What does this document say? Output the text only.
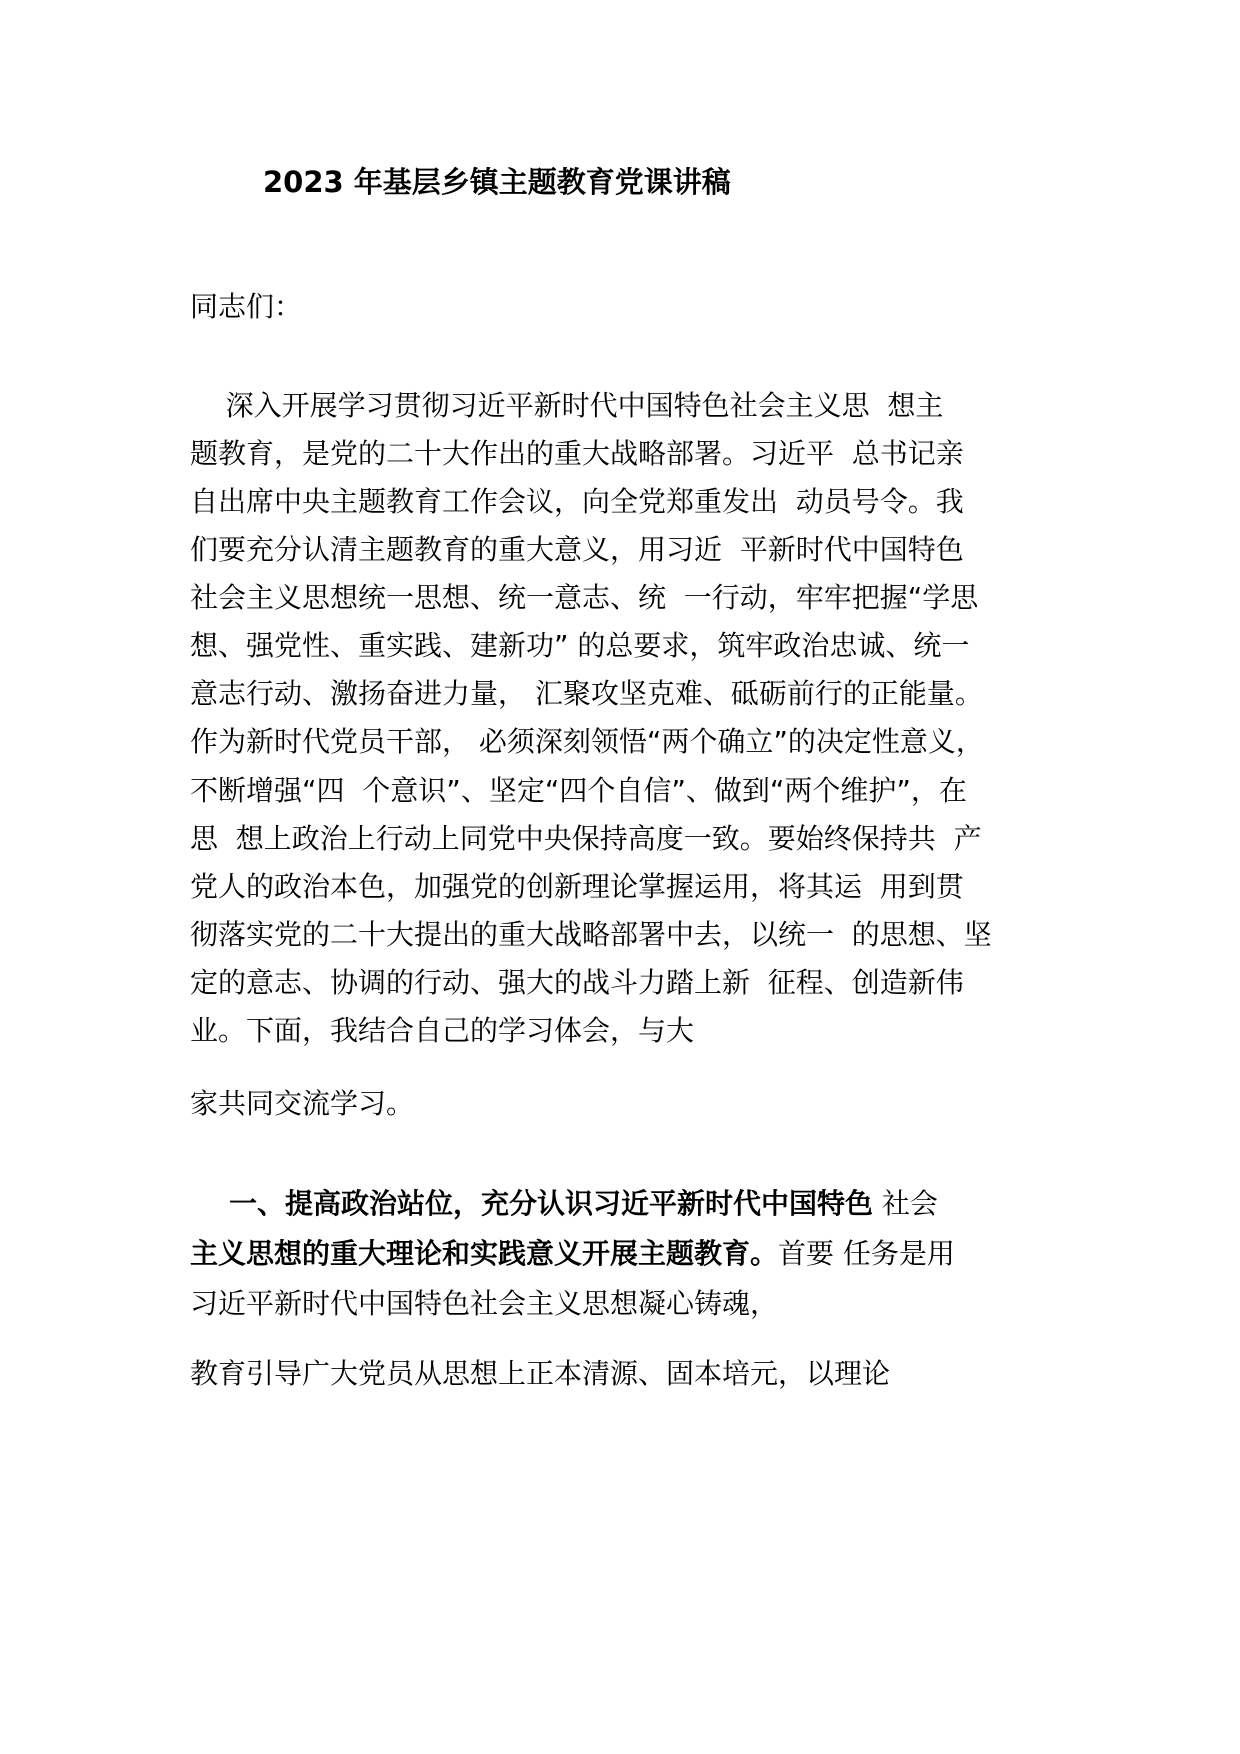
2023 年基层乡镇主题教育党课讲稿
同志们：
深入开展学习贯彻习近平新时代中国特色社会主义思  想主
题教育，是党的二十大作出的重大战略部署。习近平  总书记亲
自出席中央主题教育工作会议，向全党郑重发出  动员号令。我
们要充分认清主题教育的重大意义，用习近  平新时代中国特色
社会主义思想统一思想、统一意志、统  一行动，牢牢把握“学思
想、强党性、重实践、建新功” 的总要求，筑牢政治忠诚、统一
意志行动、激扬奋进力量， 汇聚攻坚克难、砥砺前行的正能量。
作为新时代党员干部， 必须深刻领悟“两个确立”的决定性意义，
不断增强“四  个意识”、坚定“四个自信”、做到“两个维护”，在
思  想上政治上行动上同党中央保持高度一致。要始终保持共  产
党人的政治本色，加强党的创新理论掌握运用，将其运  用到贯
彻落实党的二十大提出的重大战略部署中去，以统一  的思想、坚
定的意志、协调的行动、强大的战斗力踏上新  征程、创造新伟
业。下面，我结合自己的学习体会，与大
家共同交流学习。
一、提高政治站位，充分认识习近平新时代中国特色 社会
主义思想的重大理论和实践意义开展主题教育。首要 任务是用
习近平新时代中国特色社会主义思想凝心铸魂，
教育引导广大党员从思想上正本清源、固本培元，以理论
